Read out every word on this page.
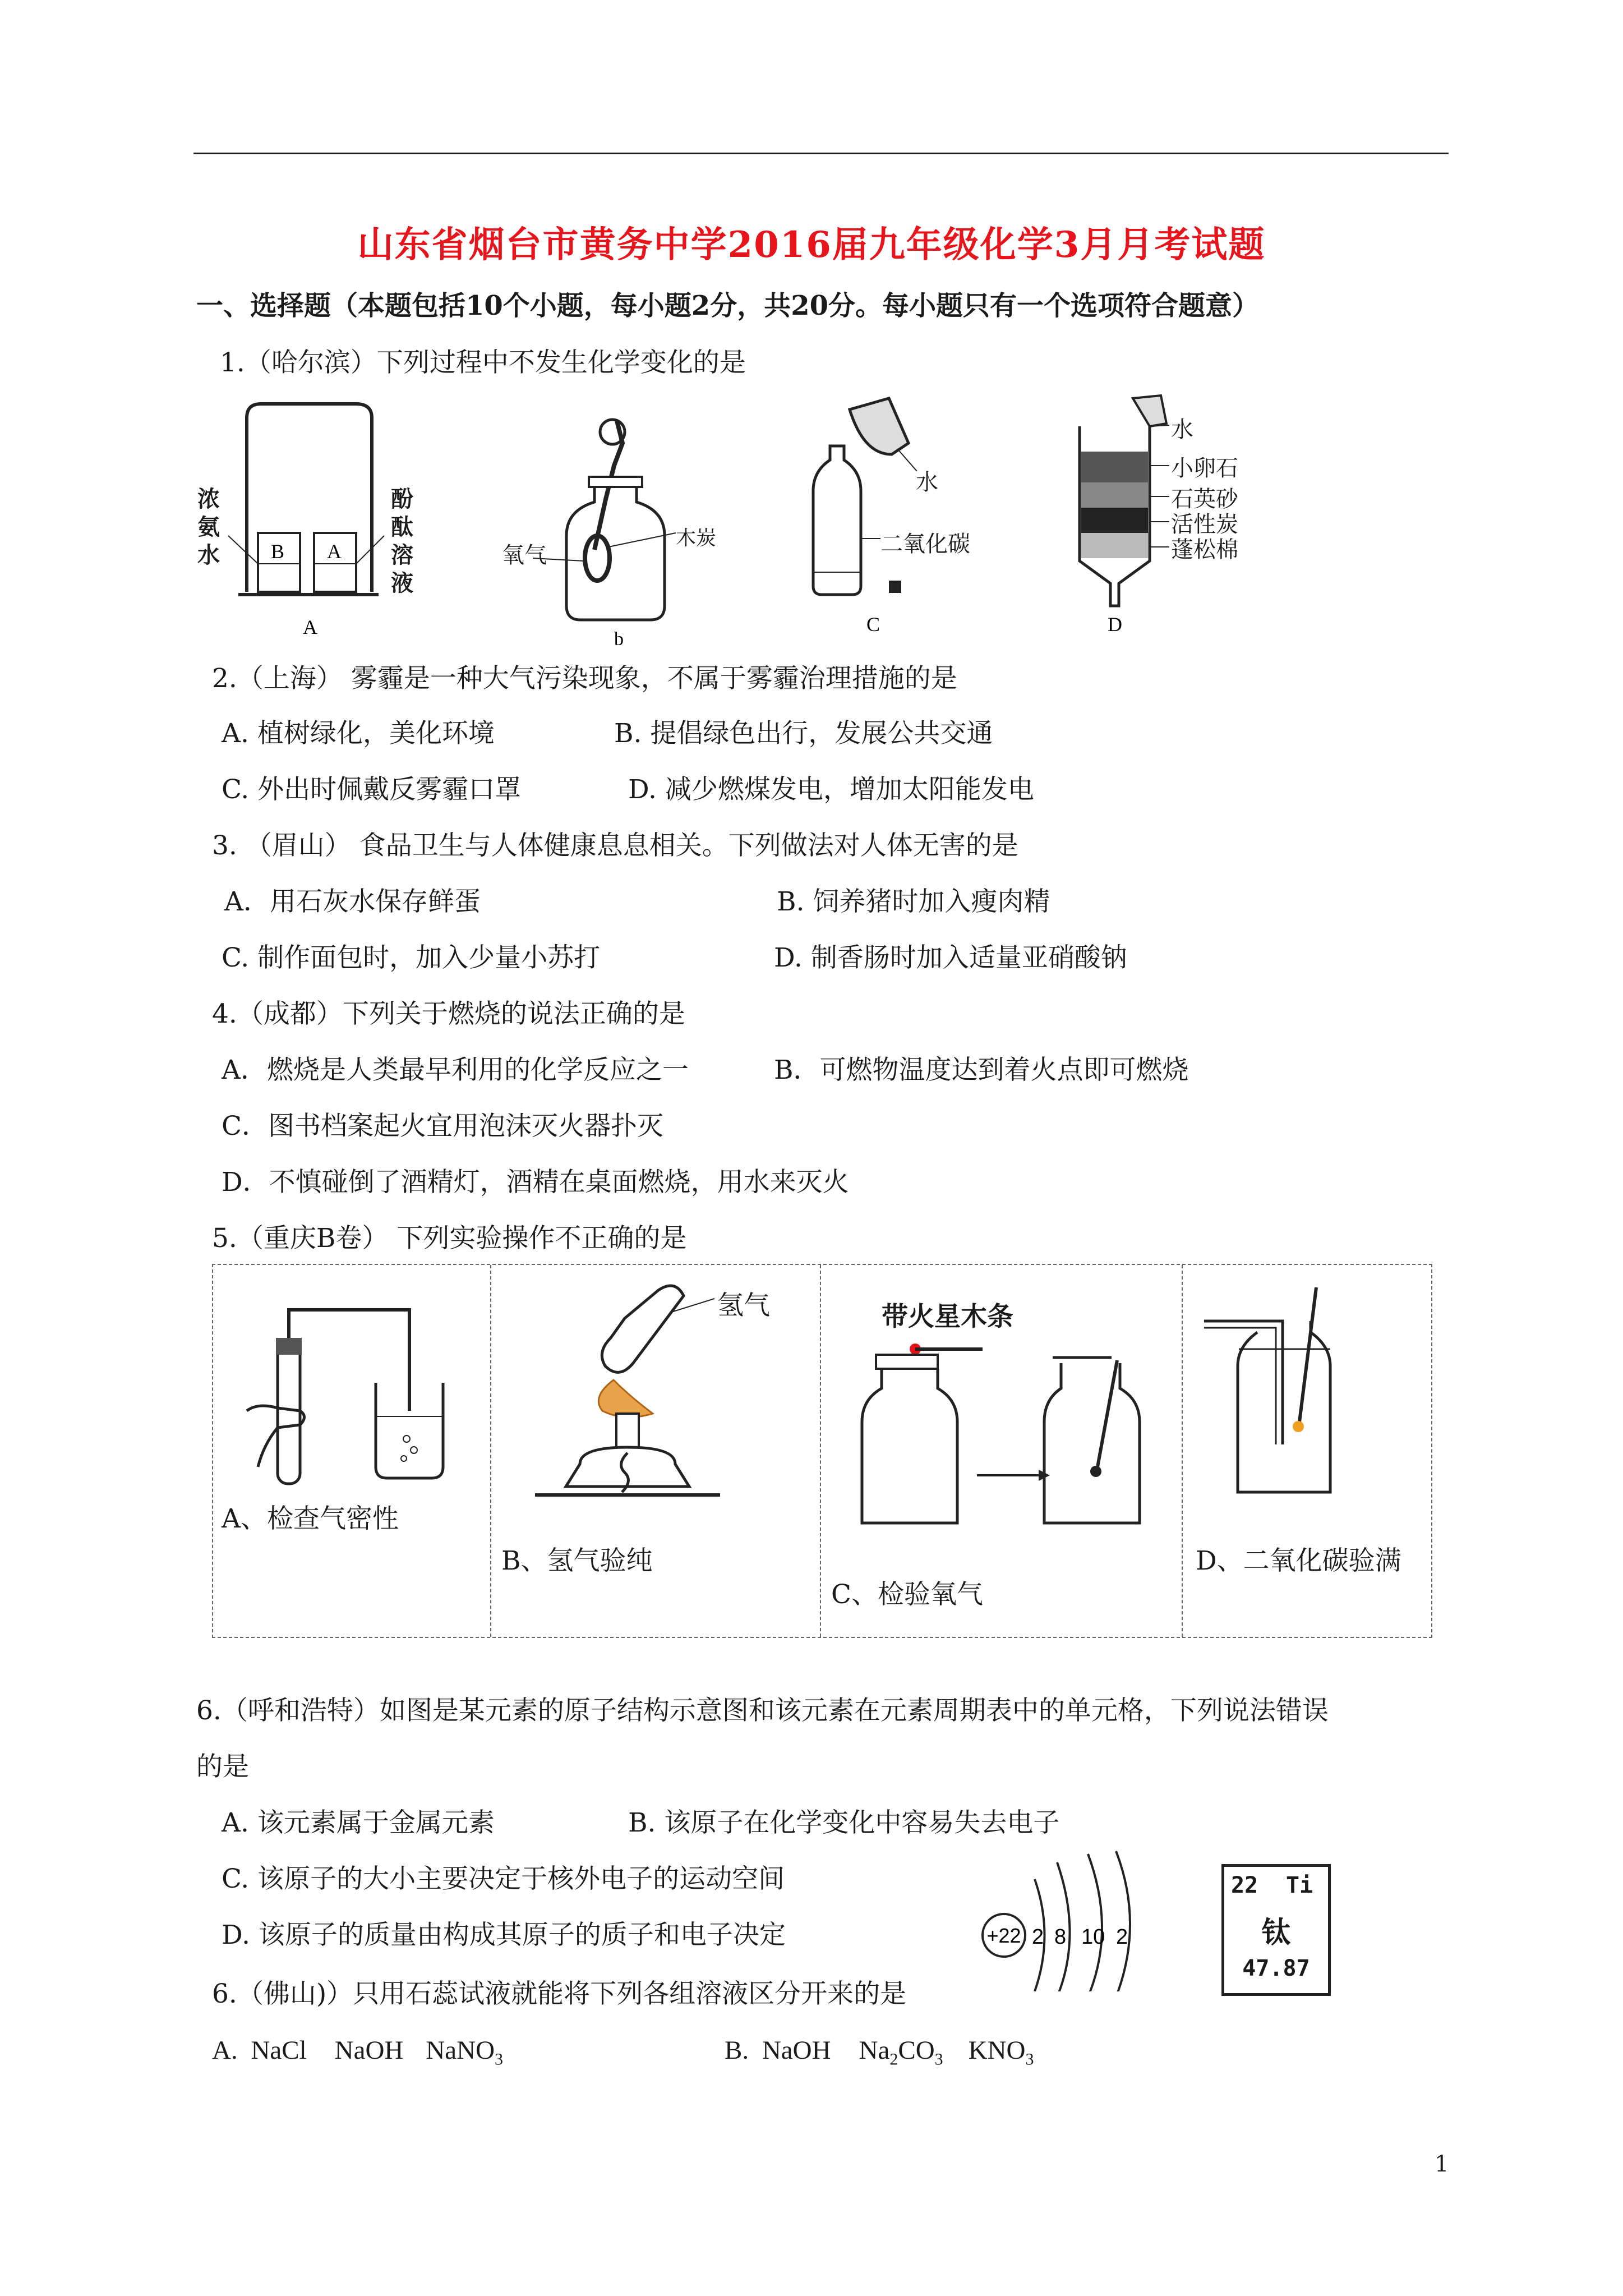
山东省烟台市黄务中学2016届九年级化学3月月考试题
一、选择题（本题包括10个小题，每小题2分，共20分。每小题只有一个选项符合题意）
1.（哈尔滨）下列过程中不发生化学变化的是
B A
A
浓氨水
酚酞溶液
b
氧气
木炭
C
水
二氧化碳
D
水
小卵石
石英砂
活性炭
蓬松棉
2.（上海） 雾霾是一种大气污染现象，不属于雾霾治理措施的是
A. 植树绿化，美化环境	B. 提倡绿色出行，发展公共交通
C. 外出时佩戴反雾霾口罩	D. 减少燃煤发电，增加太阳能发电
3. （眉山） 食品卫生与人体健康息息相关。下列做法对人体无害的是
A．用石灰水保存鲜蛋	B. 饲养猪时加入瘦肉精
C. 制作面包时，加入少量小苏打	D. 制香肠时加入适量亚硝酸钠
4.（成都）下列关于燃烧的说法正确的是
A．燃烧是人类最早利用的化学反应之一	B．可燃物温度达到着火点即可燃烧
C．图书档案起火宜用泡沫灭火器扑灭
D．不慎碰倒了酒精灯，酒精在桌面燃烧，用水来灭火
5.（重庆B卷） 下列实验操作不正确的是
A、检查气密性
氢气
B、氢气验纯
带火星木条
C、检验氧气
D、二氧化碳验满
6.（呼和浩特）如图是某元素的原子结构示意图和该元素在元素周期表中的单元格，下列说法错误
的是
A. 该元素属于金属元素	B. 该原子在化学变化中容易失去电子
C. 该原子的大小主要决定于核外电子的运动空间
D. 该原子的质量由构成其原子的质子和电子决定	+22 2 8 10 2
22 Ti
钛
47.87
6.（佛山)）只用石蕊试液就能将下列各组溶液区分开来的是
A. NaCl NaOH NaNO$_3$	B. NaOH $Na_2CO_3$ $KNO_3$
1
